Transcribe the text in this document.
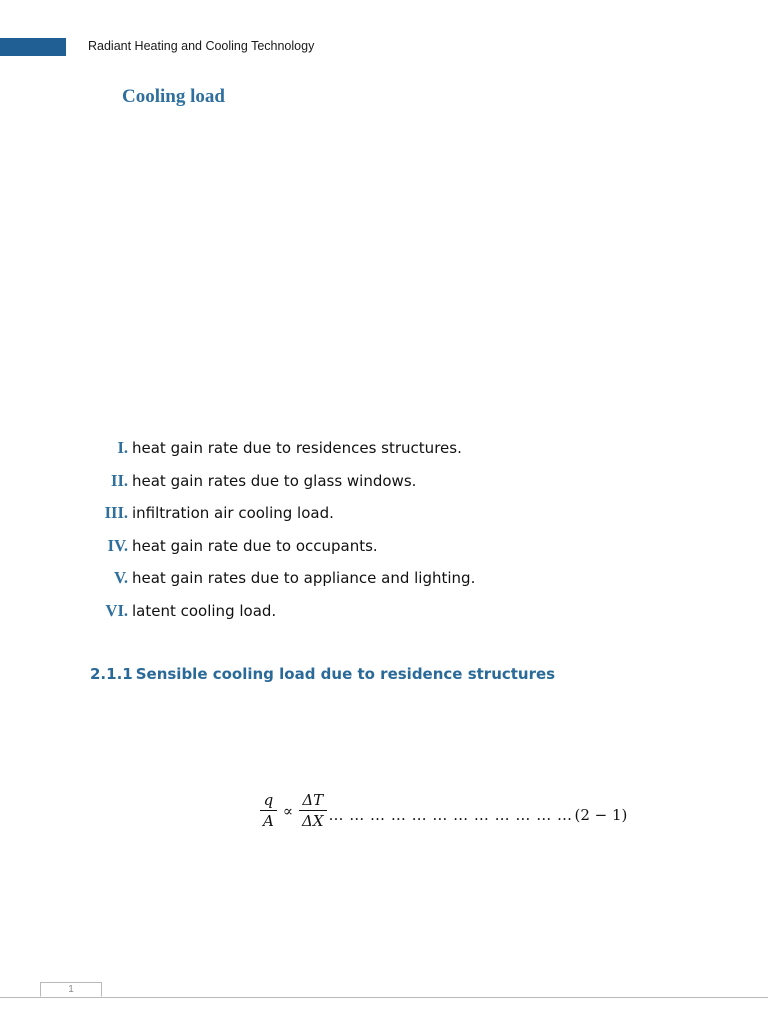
Radiant Heating and Cooling Technology
Cooling load
I. heat gain rate due to residences structures.
II. heat gain rates due to glass windows.
III. infiltration air cooling load.
IV. heat gain rate due to occupants.
V. heat gain rates due to appliance and lighting.
VI. latent cooling load.
2.1.1 Sensible cooling load due to residence structures
$\frac{q}{A} \propto \frac{\Delta T}{\Delta X}$ … … … … … … … … … … … … (2 − 1)
1
